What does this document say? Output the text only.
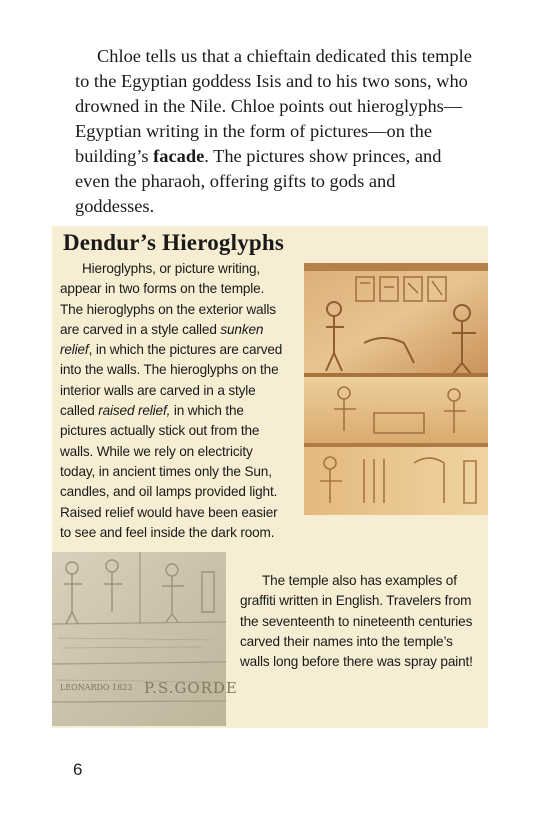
Chloe tells us that a chieftain dedicated this temple to the Egyptian goddess Isis and to his two sons, who drowned in the Nile. Chloe points out hieroglyphs—Egyptian writing in the form of pictures—on the building’s facade. The pictures show princes, and even the pharaoh, offering gifts to gods and goddesses.
Dendur’s Hieroglyphs

Hieroglyphs, or picture writing, appear in two forms on the temple. The hieroglyphs on the exterior walls are carved in a style called sunken relief, in which the pictures are carved into the walls. The hieroglyphs on the interior walls are carved in a style called raised relief, in which the pictures actually stick out from the walls. While we rely on electricity today, in ancient times only the Sun, candles, and oil lamps provided light. Raised relief would have been easier to see and feel inside the dark room.

LEONARDO 1823 P.S.GORDE

The temple also has examples of graffiti written in English. Travelers from the seventeenth to nineteenth centuries carved their names into the temple’s walls long before there was spray paint!

6
